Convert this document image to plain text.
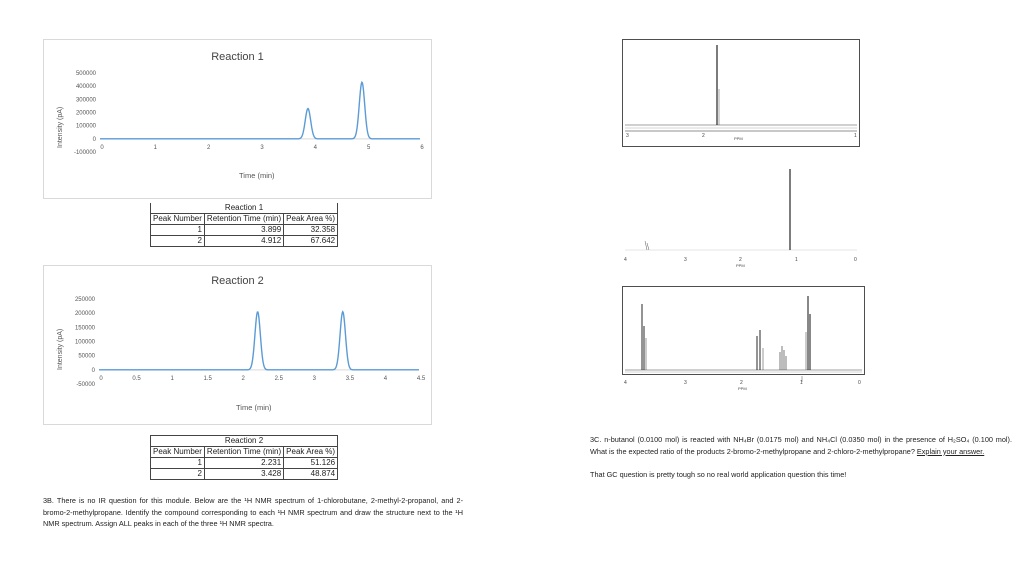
Reaction 1
Intensity (pA)
500000
400000
300000
200000
100000
0
-100000
0	1	2	3	4	5	6
Time (min)
Reaction 1		
Peak Number	Retention Time (min)	Peak Area %)
1	3.899	32.358
2	4.912	67.642
Reaction 2
Intensity (pA)
250000
200000
150000
100000
50000
0
-50000
0	0.5	1	1.5	2	2.5	3	3.5	4	4.5
Time (min)
Reaction 2		
Peak Number	Retention Time (min)	Peak Area %)
1	2.231	51.126
2	3.428	48.874
3B. There is no IR question for this module. Below are the ¹H NMR spectrum of 1-chlorobutane, 2-methyl-2-propanol, and 2-bromo-2-methylpropane. Identify the compound corresponding to each ¹H NMR spectrum and draw the structure next to the ¹H NMR spectrum. Assign ALL peaks in each of the three ¹H NMR spectra.
3	2	1
PPM
4	3	2	1	0
PPM
4	3	2	1	0
PPM
3C. n-butanol (0.0100 mol) is reacted with NH₄Br (0.0175 mol) and NH₄Cl (0.0350 mol) in the presence of H₂SO₄ (0.100 mol). What is the expected ratio of the products 2-bromo-2-methylpropane and 2-chloro-2-methylpropane? Explain your answer.
That GC question is pretty tough so no real world application question this time!
